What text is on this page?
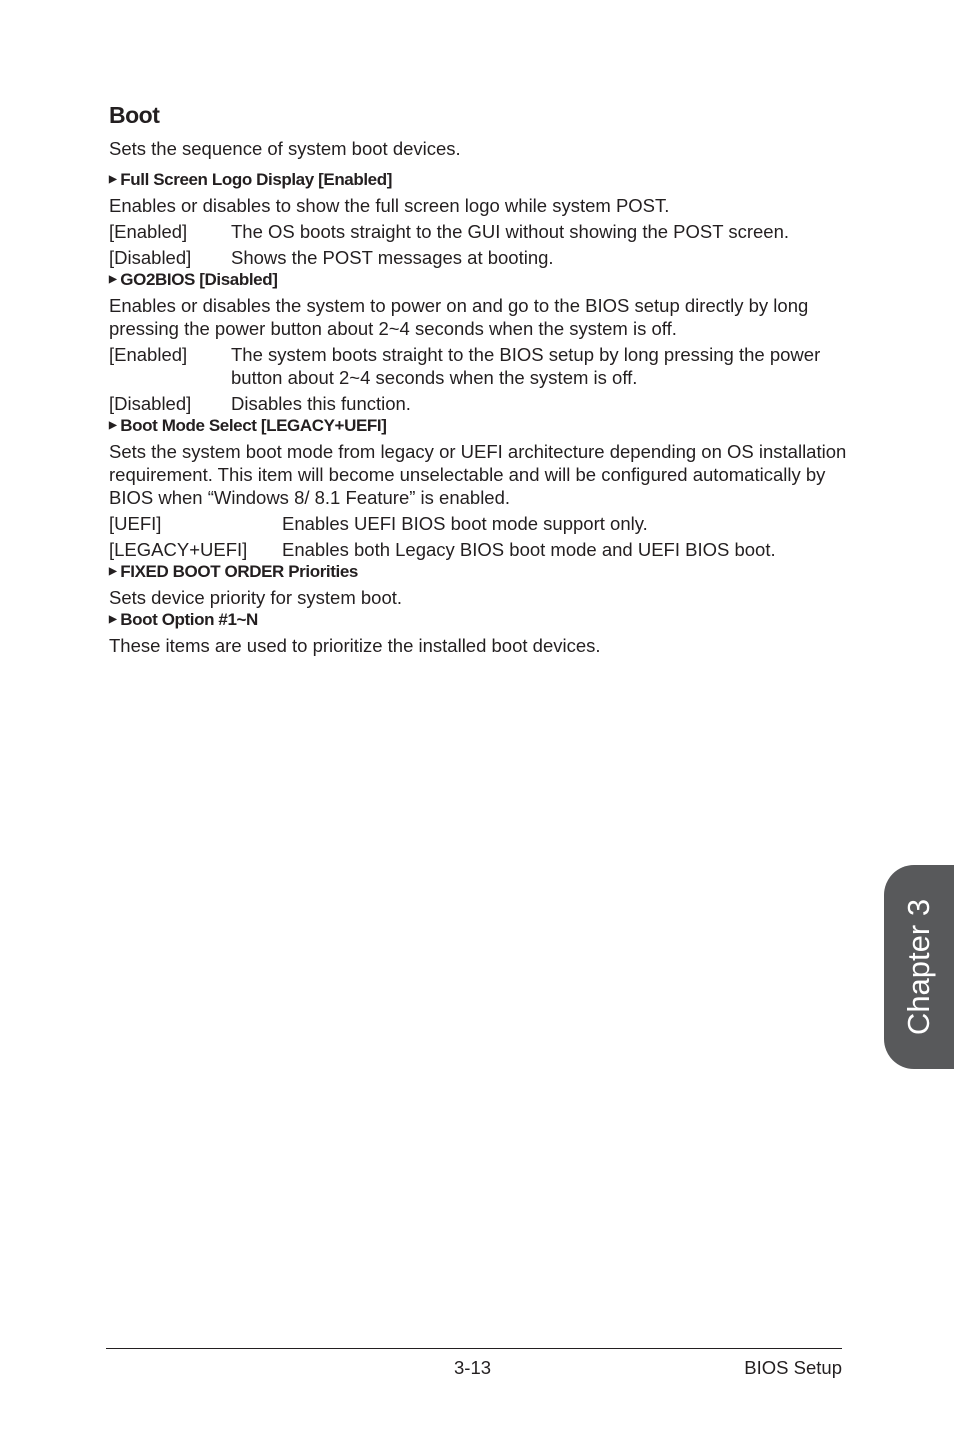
Boot

Sets the sequence of system boot devices.

▶ Full Screen Logo Display [Enabled]

Enables or disables to show the full screen logo while system POST.

[Enabled]	The OS boots straight to the GUI without showing the POST screen.
[Disabled]	Shows the POST messages at booting.
▶ GO2BIOS [Disabled]

Enables or disables the system to power on and go to the BIOS setup directly by long pressing the power button about 2~4 seconds when the system is off.

[Enabled]	The system boots straight to the BIOS setup by long pressing the power button about 2~4 seconds when the system is off.
[Disabled]	Disables this function.
▶ Boot Mode Select [LEGACY+UEFI]

Sets the system boot mode from legacy or UEFI architecture depending on OS installation requirement. This item will become unselectable and will be configured automatically by BIOS when “Windows 8/ 8.1 Feature” is enabled.

[UEFI]	Enables UEFI BIOS boot mode support only.
[LEGACY+UEFI]	Enables both Legacy BIOS boot mode and UEFI BIOS boot.
▶ FIXED BOOT ORDER Priorities

Sets device priority for system boot.

▶ Boot Option #1~N

These items are used to prioritize the installed boot devices.

Chapter 3
3-13	BIOS Setup
